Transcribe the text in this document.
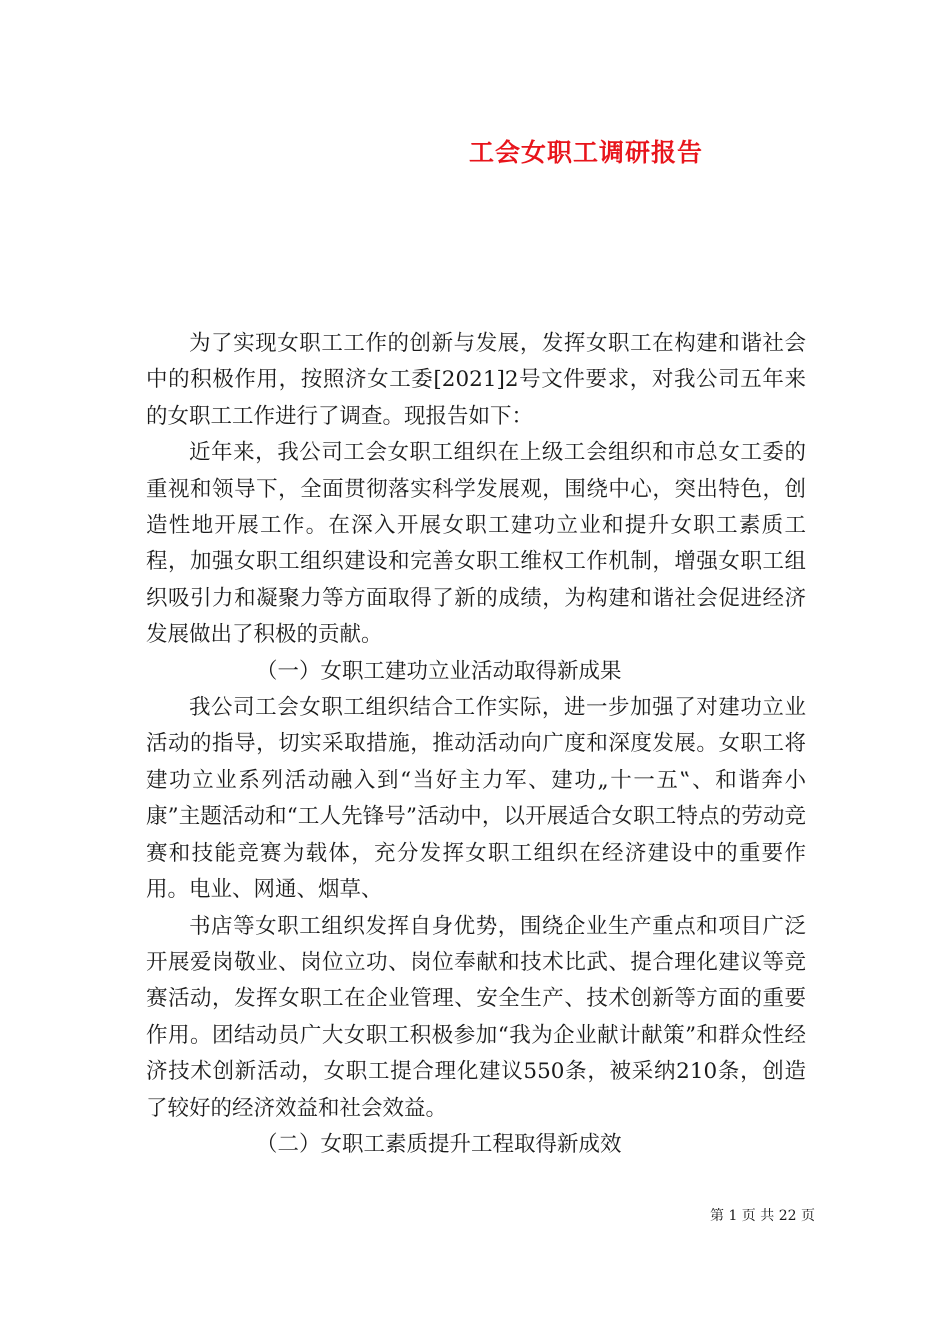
工会女职工调研报告

为了实现女职工工作的创新与发展，发挥女职工在构建和谐社会中的积极作用，按照济女工委[2021]2号文件要求，对我公司五年来的女职工工作进行了调查。现报告如下：

近年来，我公司工会女职工组织在上级工会组织和市总女工委的重视和领导下，全面贯彻落实科学发展观，围绕中心，突出特色，创造性地开展工作。在深入开展女职工建功立业和提升女职工素质工程，加强女职工组织建设和完善女职工维权工作机制，增强女职工组织吸引力和凝聚力等方面取得了新的成绩，为构建和谐社会促进经济发展做出了积极的贡献。

（一）女职工建功立业活动取得新成果

我公司工会女职工组织结合工作实际，进一步加强了对建功立业活动的指导，切实采取措施，推动活动向广度和深度发展。女职工将建功立业系列活动融入到“当好主力军、建功„十一五‟、和谐奔小康”主题活动和“工人先锋号”活动中，以开展适合女职工特点的劳动竞赛和技能竞赛为载体，充分发挥女职工组织在经济建设中的重要作用。电业、网通、烟草、

书店等女职工组织发挥自身优势，围绕企业生产重点和项目广泛开展爱岗敬业、岗位立功、岗位奉献和技术比武、提合理化建议等竞赛活动，发挥女职工在企业管理、安全生产、技术创新等方面的重要作用。团结动员广大女职工积极参加“我为企业献计献策”和群众性经济技术创新活动，女职工提合理化建议550条，被采纳210条，创造了较好的经济效益和社会效益。

（二）女职工素质提升工程取得新成效

第 1 页 共 22 页
